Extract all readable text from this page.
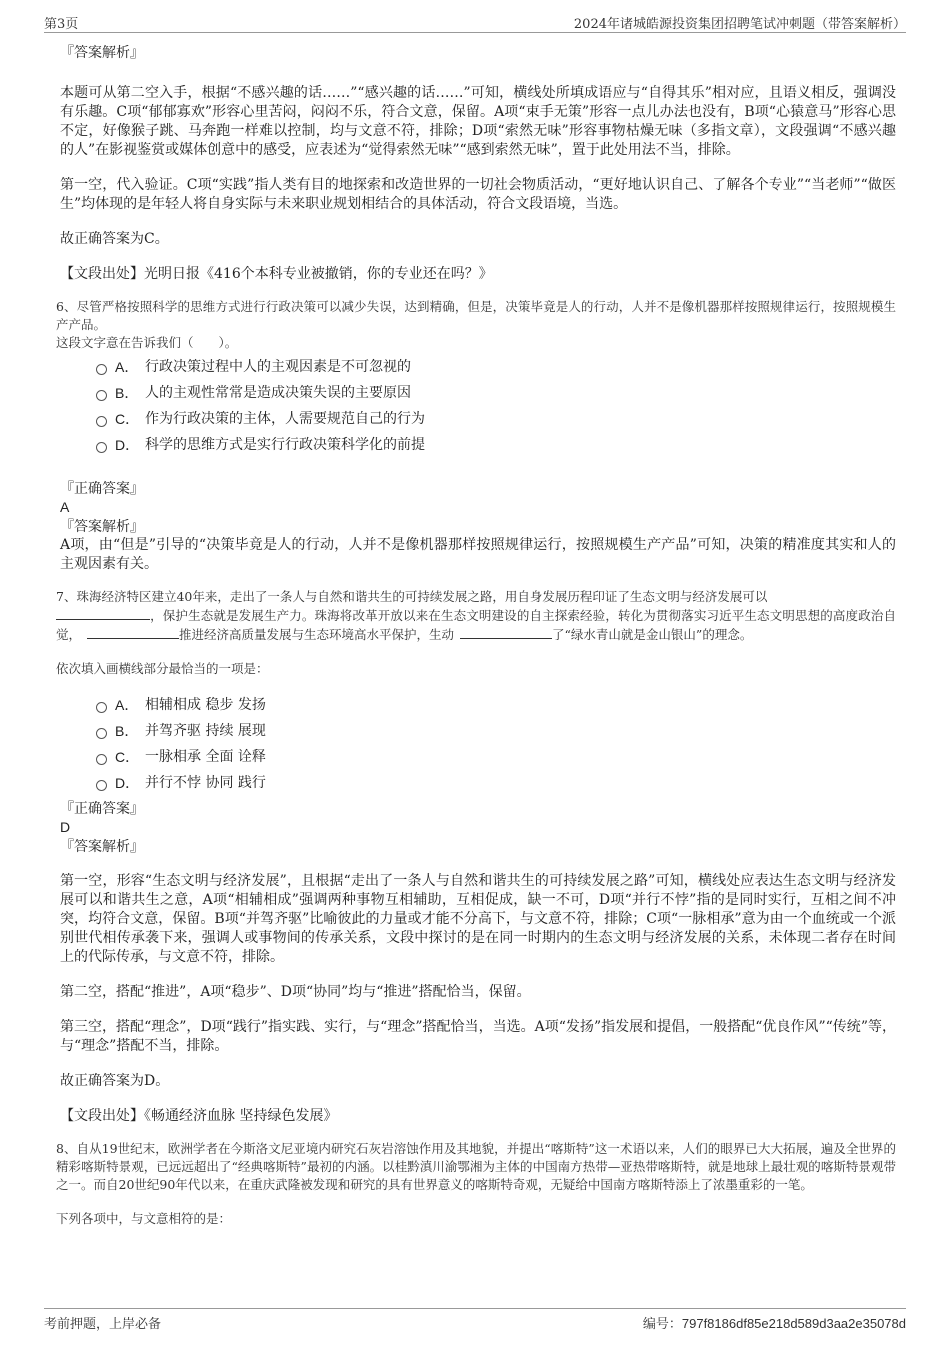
第3页	2024年诸城皓源投资集团招聘笔试冲刺题（带答案解析）

『答案解析』

本题可从第二空入手，根据“不感兴趣的话……”“感兴趣的话……”可知，横线处所填成语应与“自得其乐”相对应，且语义相反，强调没有乐趣。C项“郁郁寡欢”形容心里苦闷，闷闷不乐，符合文意，保留。A项“束手无策”形容一点儿办法也没有，B项“心猿意马”形容心思不定，好像猴子跳、马奔跑一样难以控制，均与文意不符，排除；D项“索然无味”形容事物枯燥无味（多指文章），文段强调“不感兴趣的人”在影视鉴赏或媒体创意中的感受，应表述为“觉得索然无味”“感到索然无味”，置于此处用法不当，排除。

第一空，代入验证。C项“实践”指人类有目的地探索和改造世界的一切社会物质活动，“更好地认识自己、了解各个专业”“当老师”“做医生”均体现的是年轻人将自身实际与未来职业规划相结合的具体活动，符合文段语境，当选。

故正确答案为C。

【文段出处】光明日报《416个本科专业被撤销，你的专业还在吗？》

6、尽管严格按照科学的思维方式进行行政决策可以减少失误，达到精确，但是，决策毕竟是人的行动，人并不是像机器那样按照规律运行，按照规模生产产品。

这段文字意在告诉我们（　　）。

A． 行政决策过程中人的主观因素是不可忽视的
B． 人的主观性常常是造成决策失误的主要原因
C． 作为行政决策的主体，人需要规范自己的行为
D． 科学的思维方式是实行行政决策科学化的前提

『正确答案』

A

『答案解析』

A项，由“但是”引导的“决策毕竟是人的行动，人并不是像机器那样按照规律运行，按照规模生产产品”可知，决策的精准度其实和人的主观因素有关。

7、珠海经济特区建立40年来，走出了一条人与自然和谐共生的可持续发展之路，用自身发展历程印证了生态文明与经济发展可以
，保护生态就是发展生产力。珠海将改革开放以来在生态文明建设的自主探索经验，转化为贯彻落实习近平生态文明思想的高度政治自觉，	推进经济高质量发展与生态环境高水平保护，生动	了“绿水青山就是金山银山”的理念。

依次填入画横线部分最恰当的一项是：

A． 相辅相成 稳步 发扬
B． 并驾齐驱 持续 展现
C． 一脉相承 全面 诠释
D． 并行不悖 协同 践行

『正确答案』

D

『答案解析』

第一空，形容“生态文明与经济发展”，且根据“走出了一条人与自然和谐共生的可持续发展之路”可知，横线处应表达生态文明与经济发展可以和谐共生之意，A项“相辅相成”强调两种事物互相辅助，互相促成，缺一不可，D项“并行不悖”指的是同时实行，互相之间不冲突，均符合文意，保留。B项“并驾齐驱”比喻彼此的力量或才能不分高下，与文意不符，排除；C项“一脉相承”意为由一个血统或一个派别世代相传承袭下来，强调人或事物间的传承关系，文段中探讨的是在同一时期内的生态文明与经济发展的关系，未体现二者存在时间上的代际传承，与文意不符，排除。

第二空，搭配“推进”，A项“稳步”、D项“协同”均与“推进”搭配恰当，保留。

第三空，搭配“理念”，D项“践行”指实践、实行，与“理念”搭配恰当，当选。A项“发扬”指发展和提倡，一般搭配“优良作风”“传统”等，与“理念”搭配不当，排除。

故正确答案为D。

【文段出处】《畅通经济血脉 坚持绿色发展》

8、自从19世纪末，欧洲学者在今斯洛文尼亚境内研究石灰岩溶蚀作用及其地貌，并提出“喀斯特”这一术语以来，人们的眼界已大大拓展，遍及全世界的精彩喀斯特景观，已远远超出了“经典喀斯特”最初的内涵。以桂黔滇川渝鄂湘为主体的中国南方热带—亚热带喀斯特，就是地球上最壮观的喀斯特景观带之一。而自20世纪90年代以来，在重庆武隆被发现和研究的具有世界意义的喀斯特奇观，无疑给中国南方喀斯特添上了浓墨重彩的一笔。

下列各项中，与文意相符的是：

考前押题，上岸必备	编号：797f8186df85e218d589d3aa2e35078d
